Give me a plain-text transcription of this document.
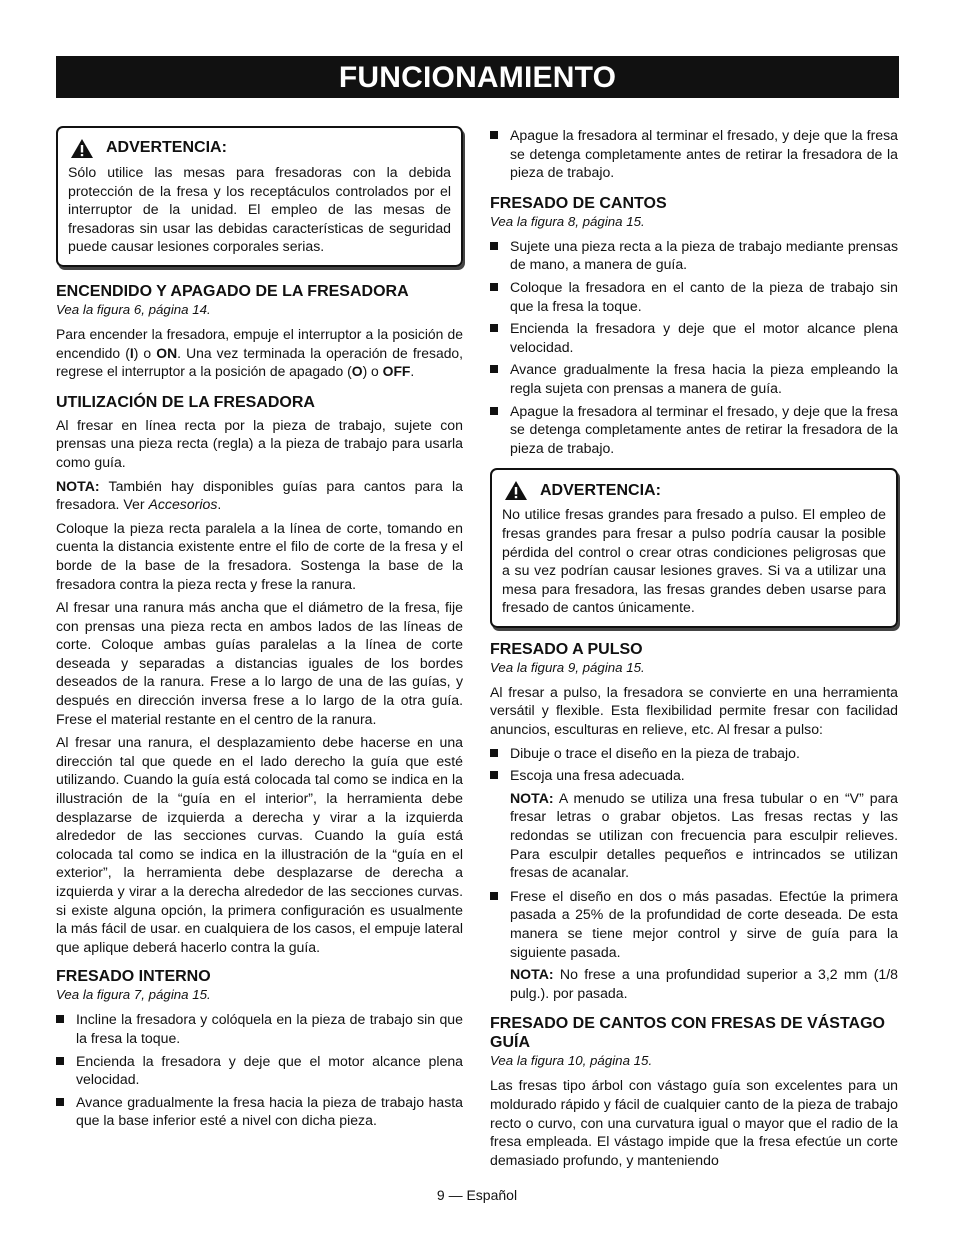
FUNCIONAMIENTO
ADVERTENCIA:

Sólo utilice las mesas para fresadoras con la debida protección de la fresa y los receptáculos controlados por el interruptor de la unidad. El empleo de las mesas de fresadoras sin usar las debidas características de seguridad puede causar lesiones corporales serias.

ENCENDIDO Y APAGADO DE LA FRESADORA
Vea la figura 6, página 14.

Para encender la fresadora, empuje el interruptor a la posición de encendido (I) o ON. Una vez terminada la operación de fresado, regrese el interruptor a la posición de apagado (O) o OFF.

UTILIZACIÓN DE LA FRESADORA

Al fresar en línea recta por la pieza de trabajo, sujete con prensas una pieza recta (regla) a la pieza de trabajo para usarla como guía.

NOTA: También hay disponibles guías para cantos para la fresadora. Ver Accesorios.

Coloque la pieza recta paralela a la línea de corte, tomando en cuenta la distancia existente entre el filo de corte de la fresa y el borde de la base de la fresadora. Sostenga la base de la fresadora contra la pieza recta y frese la ranura.

Al fresar una ranura más ancha que el diámetro de la fresa, fije con prensas una pieza recta en ambos lados de las líneas de corte. Coloque ambas guías paralelas a la línea de corte deseada y separadas a distancias iguales de los bordes deseados de la ranura. Frese a lo largo de una de las guías, y después en dirección inversa frese a lo largo de la otra guía. Frese el material restante en el centro de la ranura.

Al fresar una ranura, el desplazamiento debe hacerse en una dirección tal que quede en el lado derecho la guía que esté utilizando. Cuando la guía está colocada tal como se indica en la illustración de la “guía en el interior”, la herramienta debe desplazarse de izquierda a derecha y virar a la izquierda alrededor de las secciones curvas. Cuando la guía está colocada tal como se indica en la illustración de la “guía en el exterior”, la herramienta debe desplazarse de derecha a izquierda y virar a la derecha alrededor de las secciones curvas. si existe alguna opción, la primera configuración es usualmente la más fácil de usar. en cualquiera de los casos, el empuje lateral que aplique deberá hacerlo contra la guía.

FRESADO INTERNO
Vea la figura 7, página 15.
Incline la fresadora y colóquela en la pieza de trabajo sin que la fresa la toque.
Encienda la fresadora y deje que el motor alcance plena velocidad.
Avance gradualmente la fresa hacia la pieza de trabajo hasta que la base inferior esté a nivel con dicha pieza.
Apague la fresadora al terminar el fresado, y deje que la fresa se detenga completamente antes de retirar la fresadora de la pieza de trabajo.
FRESADO DE CANTOS
Vea la figura 8, página 15.
Sujete una pieza recta a la pieza de trabajo mediante prensas de mano, a manera de guía.
Coloque la fresadora en el canto de la pieza de trabajo sin que la fresa la toque.
Encienda la fresadora y deje que el motor alcance plena velocidad.
Avance gradualmente la fresa hacia la pieza empleando la regla sujeta con prensas a manera de guía.
Apague la fresadora al terminar el fresado, y deje que la fresa se detenga completamente antes de retirar la fresadora de la pieza de trabajo.
ADVERTENCIA:

No utilice fresas grandes para fresado a pulso. El empleo de fresas grandes para fresar a pulso podría causar la posible pérdida del control o crear otras condiciones peligrosas que a su vez podrían causar lesiones graves. Si va a utilizar una mesa para fresadora, las fresas grandes deben usarse para fresado de cantos únicamente.

FRESADO A PULSO
Vea la figura 9, página 15.

Al fresar a pulso, la fresadora se convierte en una herramienta versátil y flexible. Esta flexibilidad permite fresar con facilidad anuncios, esculturas en relieve, etc. Al fresar a pulso:

Dibuje o trace el diseño en la pieza de trabajo.
Escoja una fresa adecuada.

NOTA: A menudo se utiliza una fresa tubular o en “V” para fresar letras o grabar objetos. Las fresas rectas y las redondas se utilizan con frecuencia para esculpir relieves. Para esculpir detalles pequeños e intrincados se utilizan fresas de acanalar.

Frese el diseño en dos o más pasadas. Efectúe la primera pasada a 25% de la profundidad de corte deseada. De esta manera se tiene mejor control y sirve de guía para la siguiente pasada.

NOTA: No frese a una profundidad superior a 3,2 mm (1/8 pulg.). por pasada.

FRESADO DE CANTOS CON FRESAS DE VÁSTAGO GUÍA
Vea la figura 10, página 15.

Las fresas tipo árbol con vástago guía son excelentes para un moldurado rápido y fácil de cualquier canto de la pieza de trabajo recto o curvo, con una curvatura igual o mayor que el radio de la fresa empleada. El vástago impide que la fresa efectúe un corte demasiado profundo, y manteniendo

9 — Español
